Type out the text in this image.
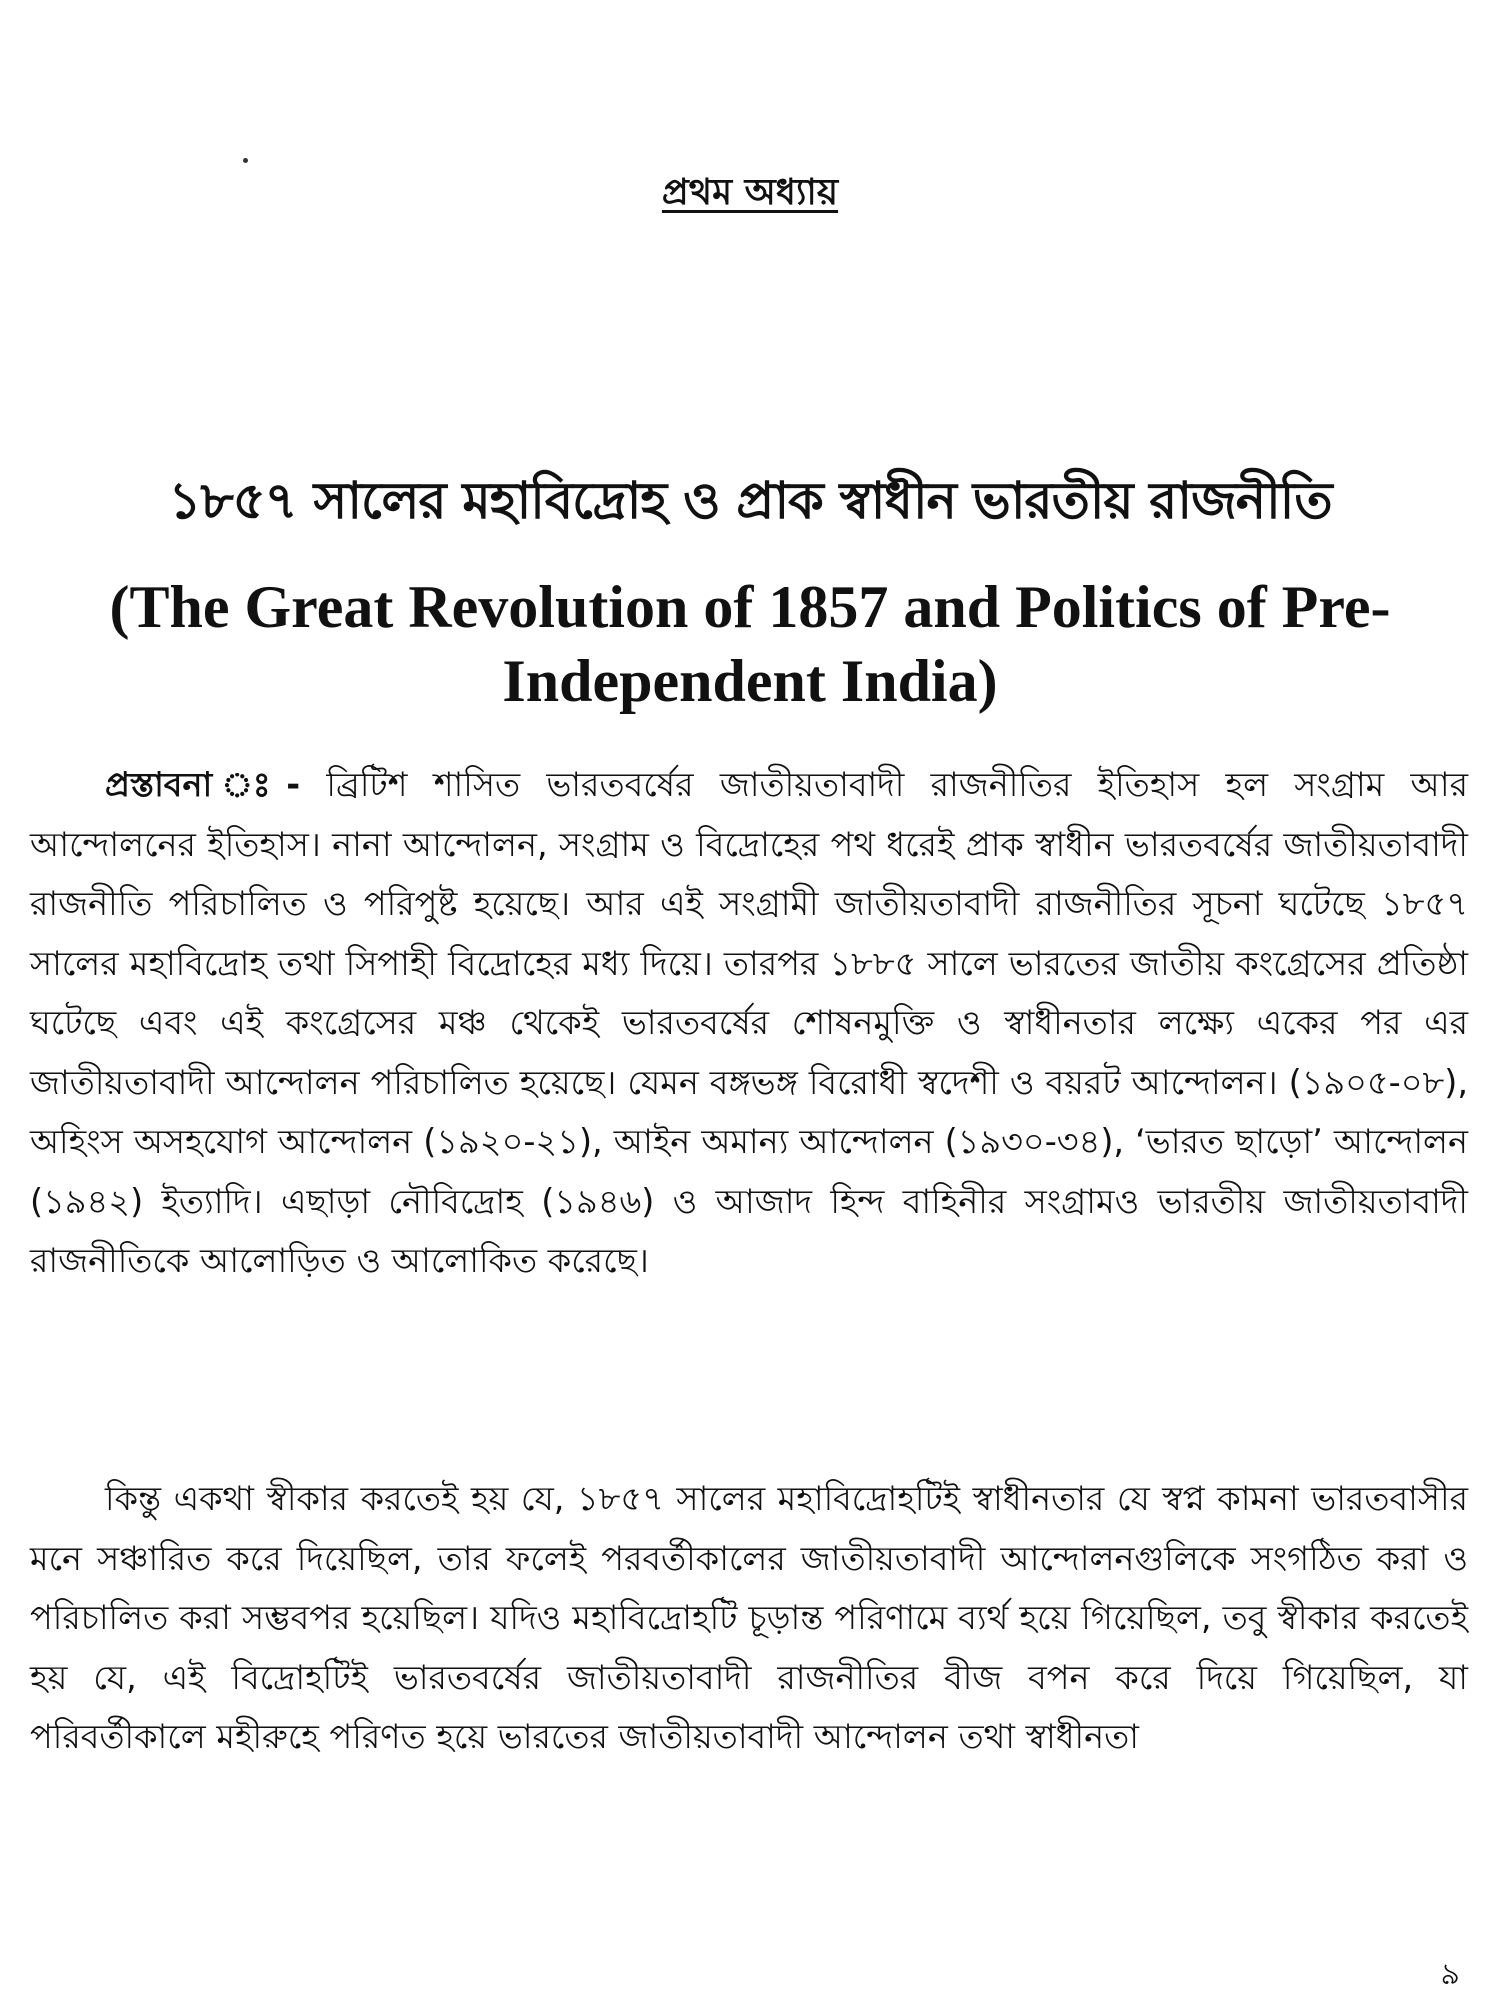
প্রথম অধ্যায়
১৮৫৭ সালের মহাবিদ্রোহ ও প্রাক স্বাধীন ভারতীয় রাজনীতি
(The Great Revolution of 1857 and Politics of Pre-Independent India)

প্রস্তাবনা ঃ- ব্রিটিশ শাসিত ভারতবর্ষের জাতীয়তাবাদী রাজনীতির ইতিহাস হল সংগ্রাম আর আন্দোলনের ইতিহাস। নানা আন্দোলন, সংগ্রাম ও বিদ্রোহের পথ ধরেই প্রাক স্বাধীন ভারতবর্ষের জাতীয়তাবাদী রাজনীতি পরিচালিত ও পরিপুষ্ট হয়েছে। আর এই সংগ্রামী জাতীয়তাবাদী রাজনীতির সূচনা ঘটেছে ১৮৫৭ সালের মহাবিদ্রোহ তথা সিপাহী বিদ্রোহের মধ্য দিয়ে। তারপর ১৮৮৫ সালে ভারতের জাতীয় কংগ্রেসের প্রতিষ্ঠা ঘটেছে এবং এই কংগ্রেসের মঞ্চ থেকেই ভারতবর্ষের শোষনমুক্তি ও স্বাধীনতার লক্ষ্যে একের পর এর জাতীয়তাবাদী আন্দোলন পরিচালিত হয়েছে। যেমন বঙ্গভঙ্গ বিরোধী স্বদেশী ও বয়রট আন্দোলন। (১৯০৫-০৮), অহিংস অসহযোগ আন্দোলন (১৯২০-২১), আইন অমান্য আন্দোলন (১৯৩০-৩৪), ‘ভারত ছাড়ো’ আন্দোলন (১৯৪২) ইত্যাদি। এছাড়া নৌবিদ্রোহ (১৯৪৬) ও আজাদ হিন্দ বাহিনীর সংগ্রামও ভারতীয় জাতীয়তাবাদী রাজনীতিকে আলোড়িত ও আলোকিত করেছে।

কিন্তু একথা স্বীকার করতেই হয় যে, ১৮৫৭ সালের মহাবিদ্রোহটিই স্বাধীনতার যে স্বপ্ন কামনা ভারতবাসীর মনে সঞ্চারিত করে দিয়েছিল, তার ফলেই পরবর্তীকালের জাতীয়তাবাদী আন্দোলনগুলিকে সংগঠিত করা ও পরিচালিত করা সম্ভবপর হয়েছিল। যদিও মহাবিদ্রোহটি চূড়ান্ত পরিণামে ব্যর্থ হয়ে গিয়েছিল, তবু স্বীকার করতেই হয় যে, এই বিদ্রোহটিই ভারতবর্ষের জাতীয়তাবাদী রাজনীতির বীজ বপন করে দিয়ে গিয়েছিল, যা পরিবর্তীকালে মহীরুহে পরিণত হয়ে ভারতের জাতীয়তাবাদী আন্দোলন তথা স্বাধীনতা

৯
